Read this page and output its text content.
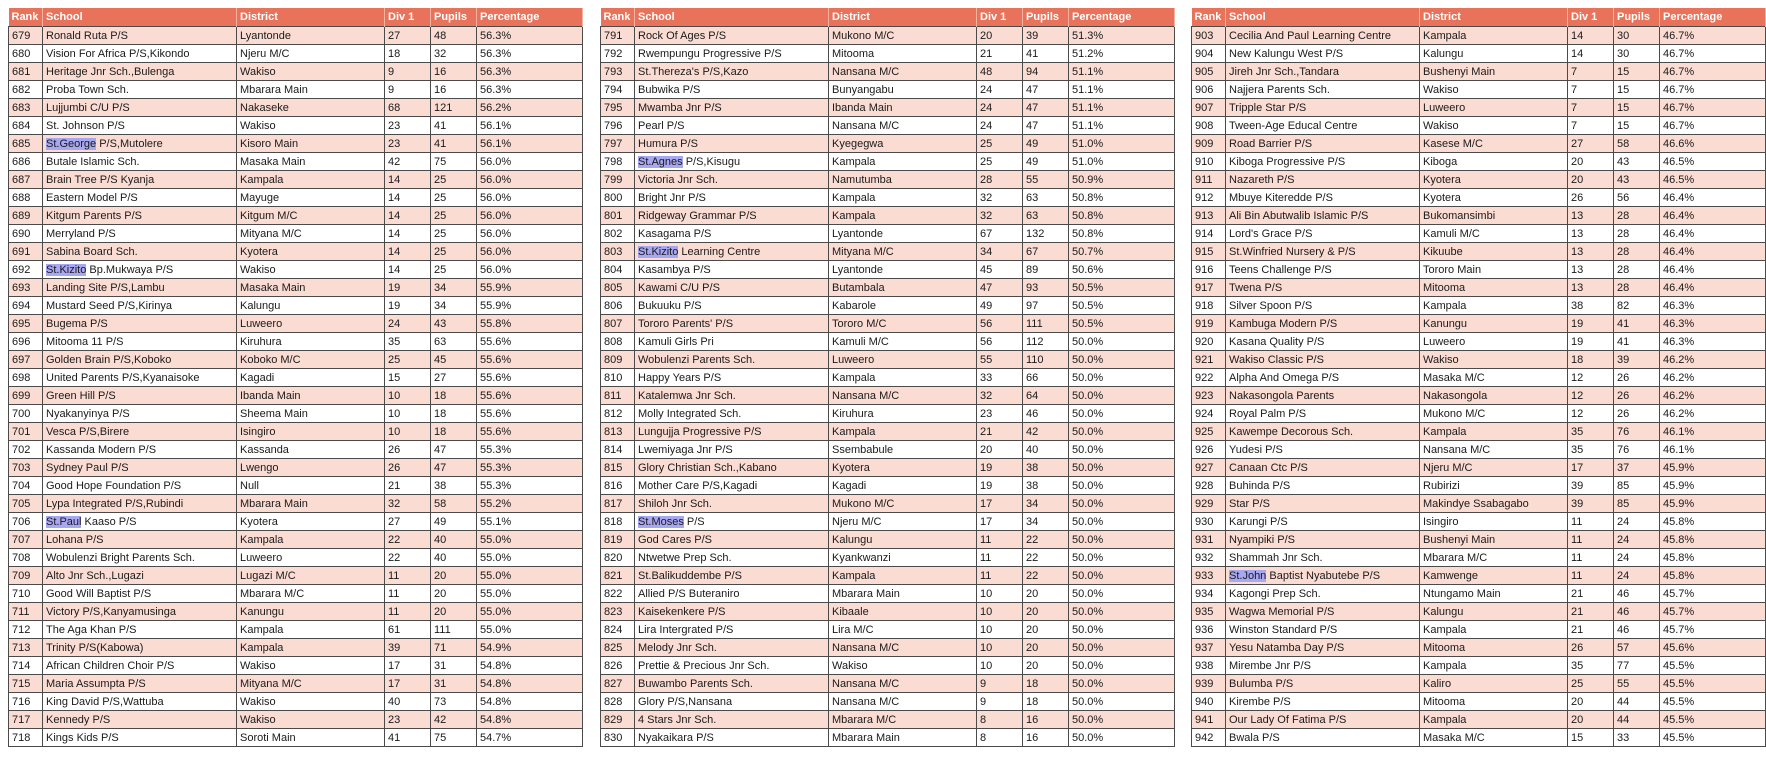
Rank	School	District	Div 1	Pupils	Percentage
679	Ronald Ruta P/S	Lyantonde	27	48	56.3%
680	Vision For Africa P/S,Kikondo	Njeru M/C	18	32	56.3%
681	Heritage Jnr Sch.,Bulenga	Wakiso	9	16	56.3%
682	Proba Town Sch.	Mbarara Main	9	16	56.3%
683	Lujjumbi C/U P/S	Nakaseke	68	121	56.2%
684	St. Johnson P/S	Wakiso	23	41	56.1%
685	St.George P/S,Mutolere	Kisoro Main	23	41	56.1%
686	Butale Islamic Sch.	Masaka Main	42	75	56.0%
687	Brain Tree P/S Kyanja	Kampala	14	25	56.0%
688	Eastern Model P/S	Mayuge	14	25	56.0%
689	Kitgum Parents P/S	Kitgum M/C	14	25	56.0%
690	Merryland P/S	Mityana M/C	14	25	56.0%
691	Sabina Board Sch.	Kyotera	14	25	56.0%
692	St.Kizito Bp.Mukwaya P/S	Wakiso	14	25	56.0%
693	Landing Site P/S,Lambu	Masaka Main	19	34	55.9%
694	Mustard Seed P/S,Kirinya	Kalungu	19	34	55.9%
695	Bugema P/S	Luweero	24	43	55.8%
696	Mitooma 11 P/S	Kiruhura	35	63	55.6%
697	Golden Brain P/S,Koboko	Koboko M/C	25	45	55.6%
698	United Parents P/S,Kyanaisoke	Kagadi	15	27	55.6%
699	Green Hill P/S	Ibanda Main	10	18	55.6%
700	Nyakanyinya P/S	Sheema Main	10	18	55.6%
701	Vesca P/S,Birere	Isingiro	10	18	55.6%
702	Kassanda Modern P/S	Kassanda	26	47	55.3%
703	Sydney Paul P/S	Lwengo	26	47	55.3%
704	Good Hope Foundation P/S	Null	21	38	55.3%
705	Lypa Integrated P/S,Rubindi	Mbarara Main	32	58	55.2%
706	St.Paul Kaaso P/S	Kyotera	27	49	55.1%
707	Lohana P/S	Kampala	22	40	55.0%
708	Wobulenzi Bright Parents Sch.	Luweero	22	40	55.0%
709	Alto Jnr Sch.,Lugazi	Lugazi M/C	11	20	55.0%
710	Good Will Baptist P/S	Mbarara M/C	11	20	55.0%
711	Victory P/S,Kanyamusinga	Kanungu	11	20	55.0%
712	The Aga Khan P/S	Kampala	61	111	55.0%
713	Trinity P/S(Kabowa)	Kampala	39	71	54.9%
714	African Children Choir P/S	Wakiso	17	31	54.8%
715	Maria Assumpta P/S	Mityana M/C	17	31	54.8%
716	King David P/S,Wattuba	Wakiso	40	73	54.8%
717	Kennedy P/S	Wakiso	23	42	54.8%
718	Kings Kids P/S	Soroti Main	41	75	54.7%
Rank	School	District	Div 1	Pupils	Percentage
791	Rock Of Ages P/S	Mukono M/C	20	39	51.3%
792	Rwempungu Progressive P/S	Mitooma	21	41	51.2%
793	St.Thereza's P/S,Kazo	Nansana M/C	48	94	51.1%
794	Bubwika P/S	Bunyangabu	24	47	51.1%
795	Mwamba Jnr P/S	Ibanda Main	24	47	51.1%
796	Pearl P/S	Nansana M/C	24	47	51.1%
797	Humura P/S	Kyegegwa	25	49	51.0%
798	St.Agnes P/S,Kisugu	Kampala	25	49	51.0%
799	Victoria Jnr Sch.	Namutumba	28	55	50.9%
800	Bright Jnr P/S	Kampala	32	63	50.8%
801	Ridgeway Grammar P/S	Kampala	32	63	50.8%
802	Kasagama P/S	Lyantonde	67	132	50.8%
803	St.Kizito Learning Centre	Mityana M/C	34	67	50.7%
804	Kasambya P/S	Lyantonde	45	89	50.6%
805	Kawami C/U P/S	Butambala	47	93	50.5%
806	Bukuuku P/S	Kabarole	49	97	50.5%
807	Tororo Parents' P/S	Tororo M/C	56	111	50.5%
808	Kamuli Girls Pri	Kamuli M/C	56	112	50.0%
809	Wobulenzi Parents Sch.	Luweero	55	110	50.0%
810	Happy Years P/S	Kampala	33	66	50.0%
811	Katalemwa Jnr Sch.	Nansana M/C	32	64	50.0%
812	Molly Integrated Sch.	Kiruhura	23	46	50.0%
813	Lungujja Progressive P/S	Kampala	21	42	50.0%
814	Lwemiyaga Jnr P/S	Ssembabule	20	40	50.0%
815	Glory Christian Sch.,Kabano	Kyotera	19	38	50.0%
816	Mother Care P/S,Kagadi	Kagadi	19	38	50.0%
817	Shiloh Jnr Sch.	Mukono M/C	17	34	50.0%
818	St.Moses P/S	Njeru M/C	17	34	50.0%
819	God Cares P/S	Kalungu	11	22	50.0%
820	Ntwetwe Prep Sch.	Kyankwanzi	11	22	50.0%
821	St.Balikuddembe P/S	Kampala	11	22	50.0%
822	Allied P/S Buteraniro	Mbarara Main	10	20	50.0%
823	Kaisekenkere P/S	Kibaale	10	20	50.0%
824	Lira Intergrated P/S	Lira M/C	10	20	50.0%
825	Melody Jnr Sch.	Nansana M/C	10	20	50.0%
826	Prettie & Precious Jnr Sch.	Wakiso	10	20	50.0%
827	Buwambo Parents Sch.	Nansana M/C	9	18	50.0%
828	Glory P/S,Nansana	Nansana M/C	9	18	50.0%
829	4 Stars Jnr Sch.	Mbarara M/C	8	16	50.0%
830	Nyakaikara P/S	Mbarara Main	8	16	50.0%
Rank	School	District	Div 1	Pupils	Percentage
903	Cecilia And Paul Learning Centre	Kampala	14	30	46.7%
904	New Kalungu West P/S	Kalungu	14	30	46.7%
905	Jireh Jnr Sch.,Tandara	Bushenyi Main	7	15	46.7%
906	Najjera Parents Sch.	Wakiso	7	15	46.7%
907	Tripple Star P/S	Luweero	7	15	46.7%
908	Tween-Age Educal Centre	Wakiso	7	15	46.7%
909	Road Barrier P/S	Kasese M/C	27	58	46.6%
910	Kiboga Progressive P/S	Kiboga	20	43	46.5%
911	Nazareth P/S	Kyotera	20	43	46.5%
912	Mbuye Kiteredde P/S	Kyotera	26	56	46.4%
913	Ali Bin Abutwalib Islamic P/S	Bukomansimbi	13	28	46.4%
914	Lord's Grace P/S	Kamuli M/C	13	28	46.4%
915	St.Winfried Nursery & P/S	Kikuube	13	28	46.4%
916	Teens Challenge P/S	Tororo Main	13	28	46.4%
917	Twena P/S	Mitooma	13	28	46.4%
918	Silver Spoon P/S	Kampala	38	82	46.3%
919	Kambuga Modern P/S	Kanungu	19	41	46.3%
920	Kasana Quality P/S	Luweero	19	41	46.3%
921	Wakiso Classic P/S	Wakiso	18	39	46.2%
922	Alpha And Omega P/S	Masaka M/C	12	26	46.2%
923	Nakasongola Parents	Nakasongola	12	26	46.2%
924	Royal Palm P/S	Mukono M/C	12	26	46.2%
925	Kawempe Decorous Sch.	Kampala	35	76	46.1%
926	Yudesi P/S	Nansana M/C	35	76	46.1%
927	Canaan Ctc P/S	Njeru M/C	17	37	45.9%
928	Buhinda P/S	Rubirizi	39	85	45.9%
929	Star P/S	Makindye Ssabagabo	39	85	45.9%
930	Karungi P/S	Isingiro	11	24	45.8%
931	Nyampiki P/S	Bushenyi Main	11	24	45.8%
932	Shammah Jnr Sch.	Mbarara M/C	11	24	45.8%
933	St.John Baptist Nyabutebe P/S	Kamwenge	11	24	45.8%
934	Kagongi Prep Sch.	Ntungamo Main	21	46	45.7%
935	Wagwa Memorial P/S	Kalungu	21	46	45.7%
936	Winston Standard P/S	Kampala	21	46	45.7%
937	Yesu Natamba Day P/S	Mitooma	26	57	45.6%
938	Mirembe Jnr P/S	Kampala	35	77	45.5%
939	Bulumba P/S	Kaliro	25	55	45.5%
940	Kirembe P/S	Mitooma	20	44	45.5%
941	Our Lady Of Fatima P/S	Kampala	20	44	45.5%
942	Bwala P/S	Masaka M/C	15	33	45.5%
